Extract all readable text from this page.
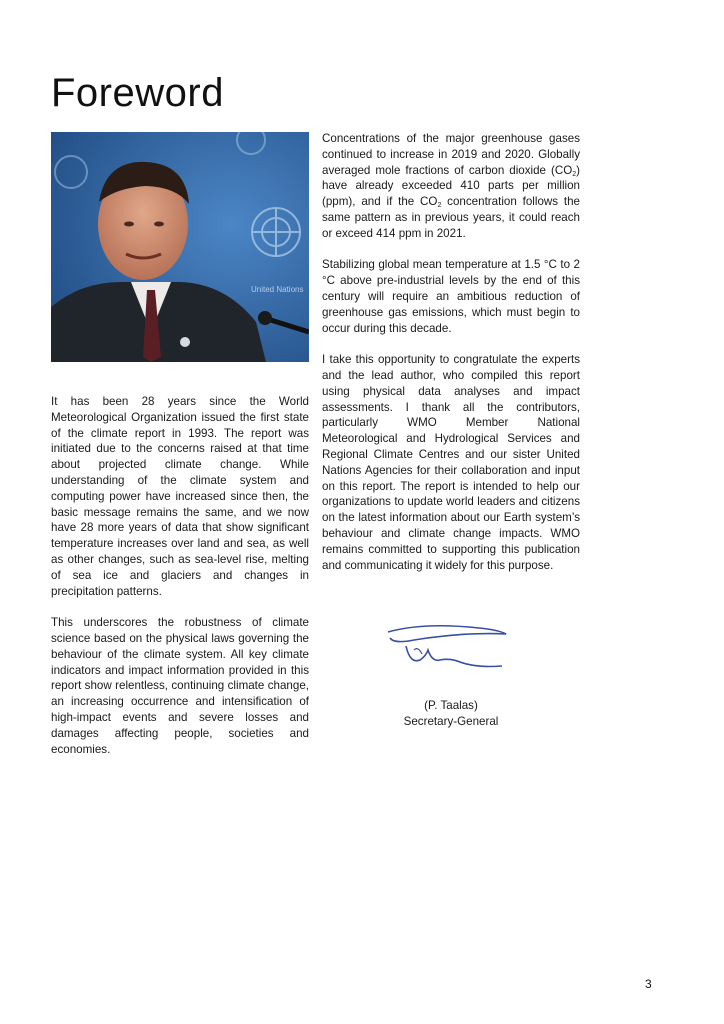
Foreword
United Nations

It has been 28 years since the World Meteorological Organization issued the first state of the climate report in 1993. The report was initiated due to the concerns raised at that time about projected climate change. While understanding of the climate system and computing power have increased since then, the basic message remains the same, and we now have 28 more years of data that show significant temperature increases over land and sea, as well as other changes, such as sea-level rise, melting of sea ice and glaciers and changes in precipitation patterns.

This underscores the robustness of climate science based on the physical laws governing the behaviour of the climate system. All key climate indicators and impact information provided in this report show relentless, continuing climate change, an increasing occurrence and intensification of high-impact events and severe losses and damages affecting people, societies and economies.

Concentrations of the major greenhouse gases continued to increase in 2019 and 2020. Globally averaged mole fractions of carbon dioxide $(CO_2)$ have already exceeded 410 parts per million (ppm), and if the $CO_2$ concentration follows the same pattern as in previous years, it could reach or exceed 414 ppm in 2021.

Stabilizing global mean temperature at 1.5 °C to 2 °C above pre-industrial levels by the end of this century will require an ambitious reduction of greenhouse gas emissions, which must begin to occur during this decade.

I take this opportunity to congratulate the experts and the lead author, who compiled this report using physical data analyses and impact assessments. I thank all the contributors, particularly WMO Member National Meteorological and Hydrological Services and Regional Climate Centres and our sister United Nations Agencies for their collaboration and input on this report. The report is intended to help our organizations to update world leaders and citizens on the latest information about our Earth system’s behaviour and climate change impacts. WMO remains committed to supporting this publication and communicating it widely for this purpose.

(P. Taalas)
Secretary-General
3
